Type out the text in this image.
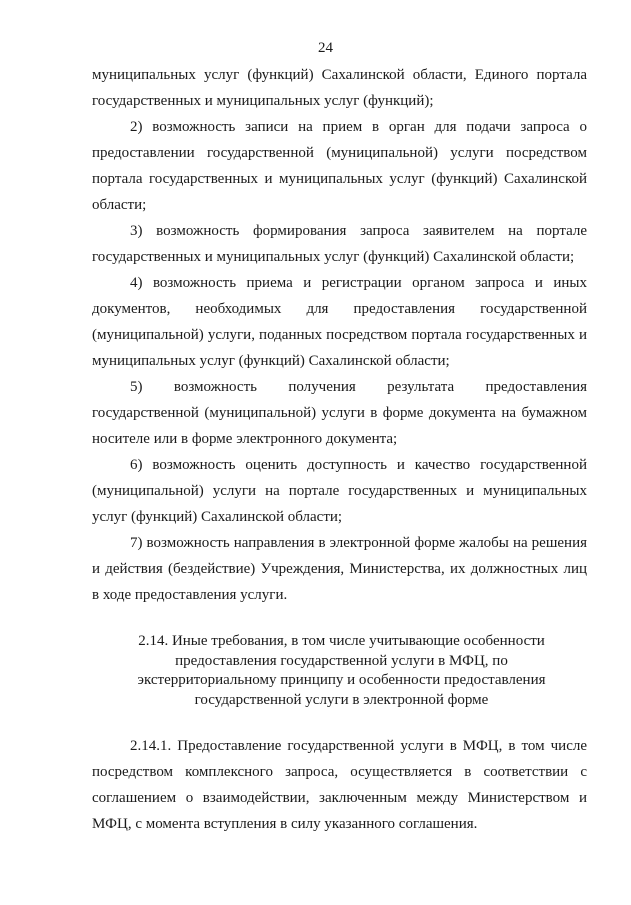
24

муниципальных услуг (функций) Сахалинской области, Единого портала государственных и муниципальных услуг (функций);

2) возможность записи на прием в орган для подачи запроса о предоставлении государственной (муниципальной) услуги посредством портала государственных и муниципальных услуг (функций) Сахалинской области;

3) возможность формирования запроса заявителем на портале государственных и муниципальных услуг (функций) Сахалинской области;

4) возможность приема и регистрации органом запроса и иных документов, необходимых для предоставления государственной (муниципальной) услуги, поданных посредством портала государственных и муниципальных услуг (функций) Сахалинской области;

5) возможность получения результата предоставления государственной (муниципальной) услуги в форме документа на бумажном носителе или в форме электронного документа;

6) возможность оценить доступность и качество государственной (муниципальной) услуги на портале государственных и муниципальных услуг (функций) Сахалинской области;

7) возможность направления в электронной форме жалобы на решения и действия (бездействие) Учреждения, Министерства, их должностных лиц в ходе предоставления услуги.

2.14. Иные требования, в том числе учитывающие особенности
предоставления государственной услуги в МФЦ, по
экстерриториальному принципу и особенности предоставления
государственной услуги в электронной форме

2.14.1. Предоставление государственной услуги в МФЦ, в том числе посредством комплексного запроса, осуществляется в соответствии с соглашением о взаимодействии, заключенным между Министерством и МФЦ, с момента вступления в силу указанного соглашения.
